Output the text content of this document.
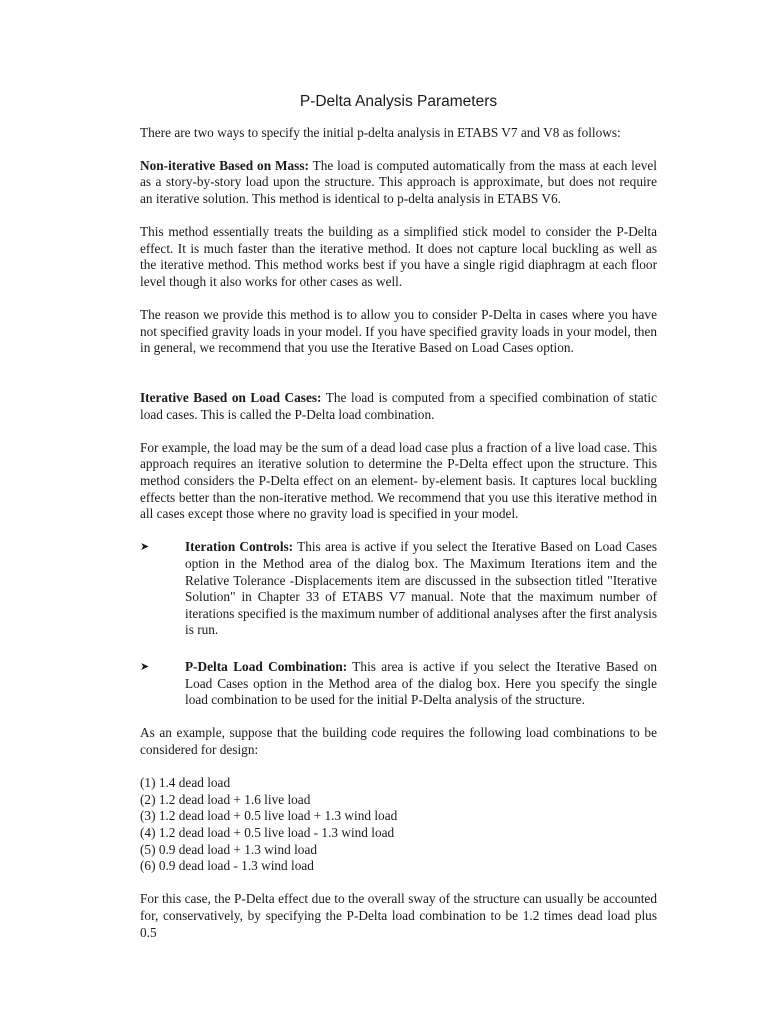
P-Delta Analysis Parameters

There are two ways to specify the initial p-delta analysis in ETABS V7 and V8 as follows:

Non-iterative Based on Mass: The load is computed automatically from the mass at each level as a story-by-story load upon the structure. This approach is approximate, but does not require an iterative solution. This method is identical to p-delta analysis in ETABS V6.

This method essentially treats the building as a simplified stick model to consider the P-Delta effect. It is much faster than the iterative method. It does not capture local buckling as well as the iterative method. This method works best if you have a single rigid diaphragm at each floor level though it also works for other cases as well.

The reason we provide this method is to allow you to consider P-Delta in cases where you have not specified gravity loads in your model. If you have specified gravity loads in your model, then in general, we recommend that you use the Iterative Based on Load Cases option.

Iterative Based on Load Cases: The load is computed from a specified combination of static load cases. This is called the P-Delta load combination.

For example, the load may be the sum of a dead load case plus a fraction of a live load case. This approach requires an iterative solution to determine the P-Delta effect upon the structure. This method considers the P-Delta effect on an element- by-element basis. It captures local buckling effects better than the non-iterative method. We recommend that you use this iterative method in all cases except those where no gravity load is specified in your model.

➤	Iteration Controls: This area is active if you select the Iterative Based on Load Cases option in the Method area of the dialog box. The Maximum Iterations item and the Relative Tolerance -Displacements item are discussed in the subsection titled "Iterative Solution" in Chapter 33 of ETABS V7 manual. Note that the maximum number of iterations specified is the maximum number of additional analyses after the first analysis is run.
➤	P-Delta Load Combination: This area is active if you select the Iterative Based on Load Cases option in the Method area of the dialog box. Here you specify the single load combination to be used for the initial P-Delta analysis of the structure.

As an example, suppose that the building code requires the following load combinations to be considered for design:

(1) 1.4 dead load
(2) 1.2 dead load + 1.6 live load
(3) 1.2 dead load + 0.5 live load + 1.3 wind load
(4) 1.2 dead load + 0.5 live load - 1.3 wind load
(5) 0.9 dead load + 1.3 wind load
(6) 0.9 dead load - 1.3 wind load

For this case, the P-Delta effect due to the overall sway of the structure can usually be accounted for, conservatively, by specifying the P-Delta load combination to be 1.2 times dead load plus 0.5
